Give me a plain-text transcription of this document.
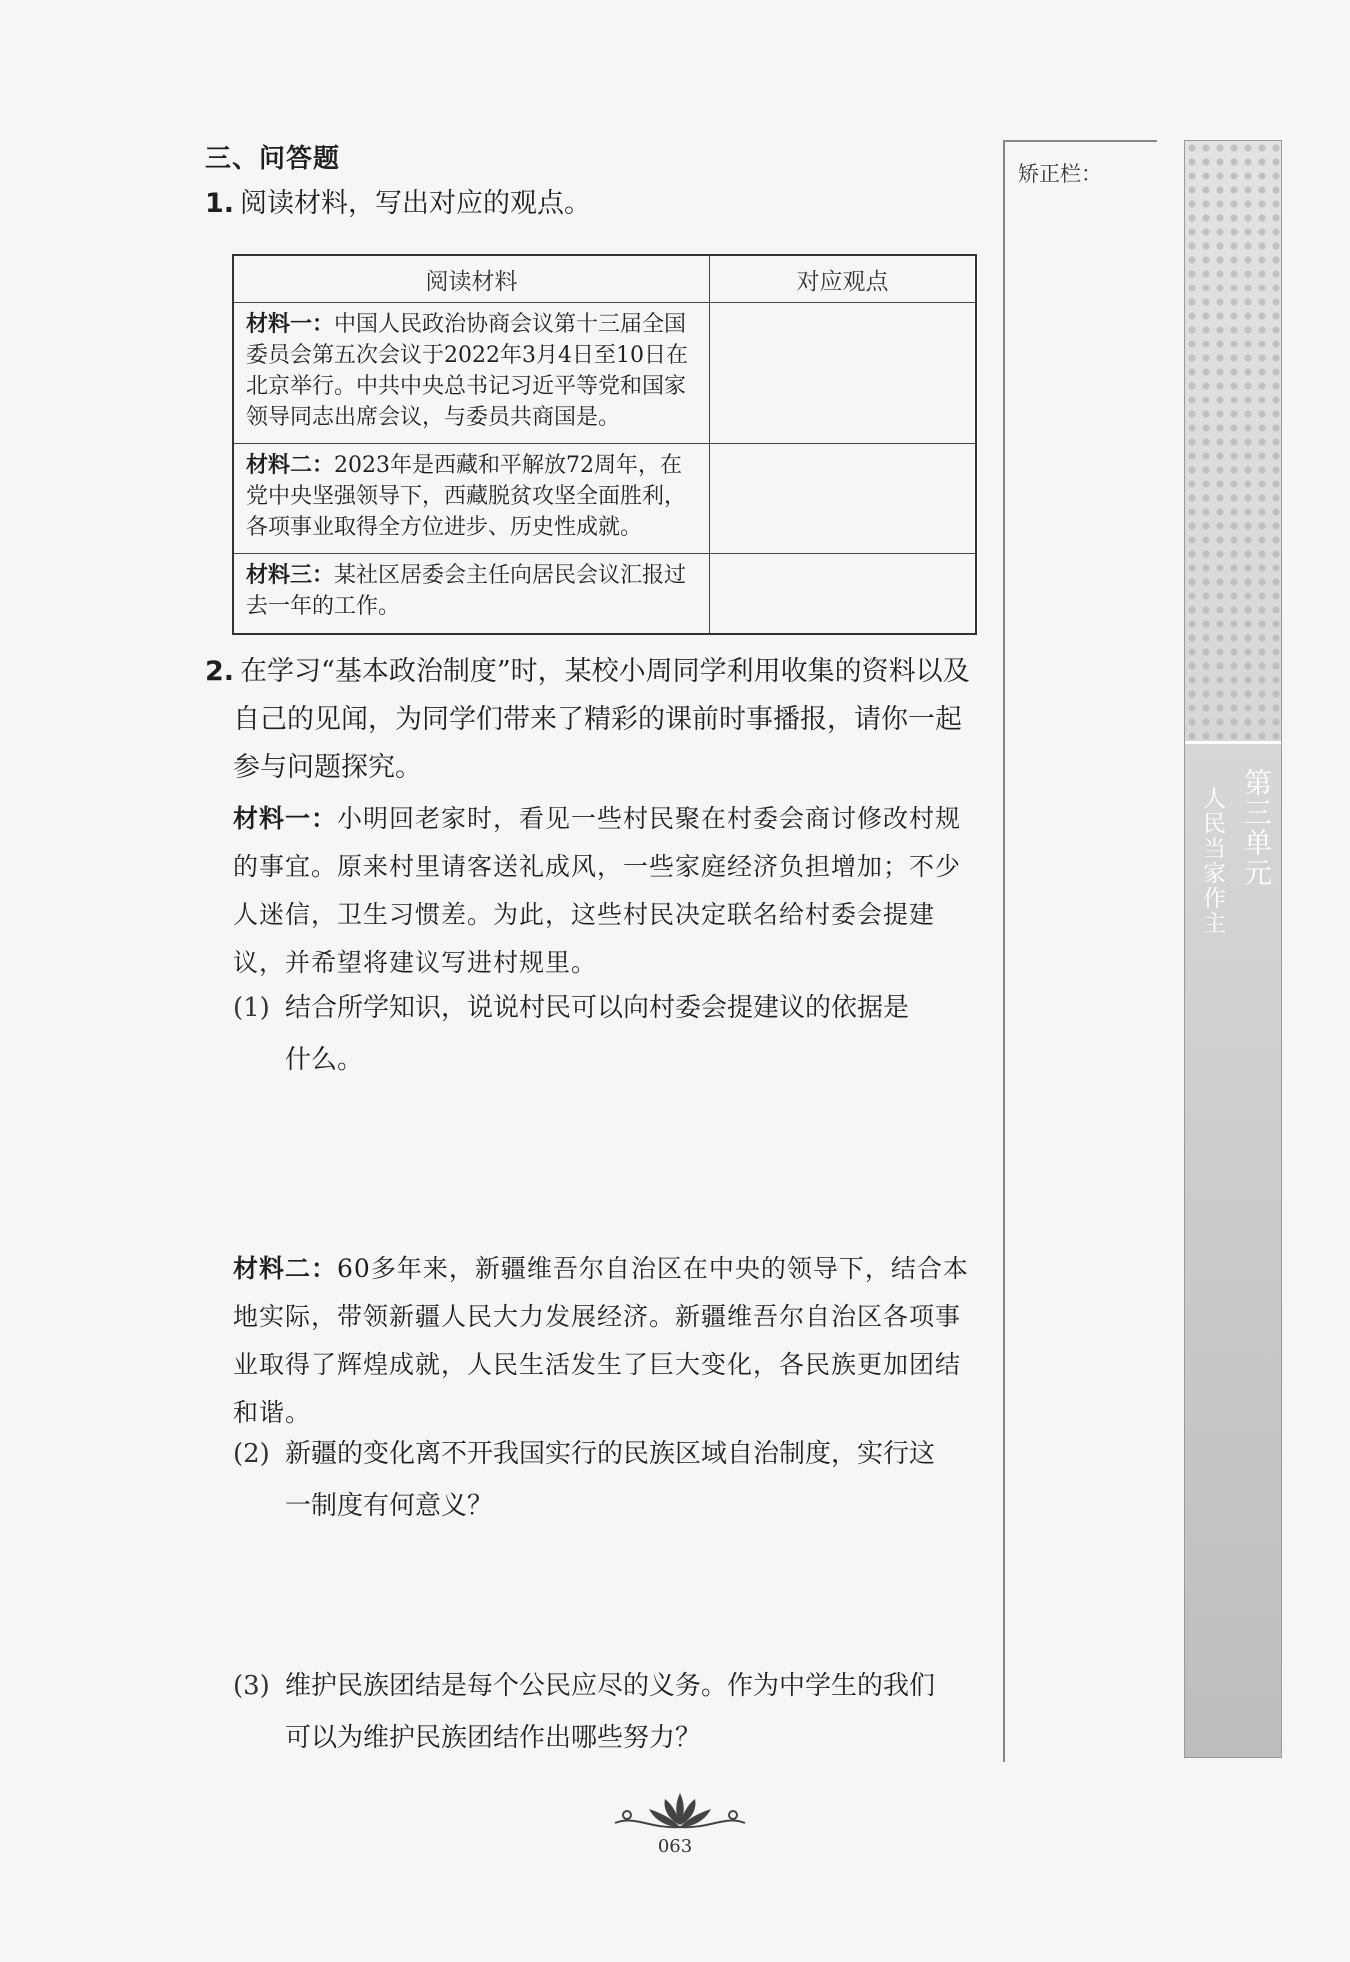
三、问答题
1. 阅读材料，写出对应的观点。
阅读材料	对应观点
材料一：中国人民政治协商会议第十三届全国委员会第五次会议于2022年3月4日至10日在北京举行。中共中央总书记习近平等党和国家领导同志出席会议，与委员共商国是。	
材料二：2023年是西藏和平解放72周年，在党中央坚强领导下，西藏脱贫攻坚全面胜利，各项事业取得全方位进步、历史性成就。	
材料三：某社区居委会主任向居民会议汇报过去一年的工作。	
2. 在学习“基本政治制度”时，某校小周同学利用收集的资料以及
自己的见闻，为同学们带来了精彩的课前时事播报，请你一起
参与问题探究。
材料一：小明回老家时，看见一些村民聚在村委会商讨修改村规的事宜。原来村里请客送礼成风，一些家庭经济负担增加；不少人迷信，卫生习惯差。为此，这些村民决定联名给村委会提建议，并希望将建议写进村规里。
(1) 结合所学知识，说说村民可以向村委会提建议的依据是
什么。
材料二：60多年来，新疆维吾尔自治区在中央的领导下，结合本地实际，带领新疆人民大力发展经济。新疆维吾尔自治区各项事业取得了辉煌成就，人民生活发生了巨大变化，各民族更加团结和谐。
(2) 新疆的变化离不开我国实行的民族区域自治制度，实行这
一制度有何意义？
(3) 维护民族团结是每个公民应尽的义务。作为中学生的我们
可以为维护民族团结作出哪些努力？
矫正栏：
第三单元
人民当家作主
063
